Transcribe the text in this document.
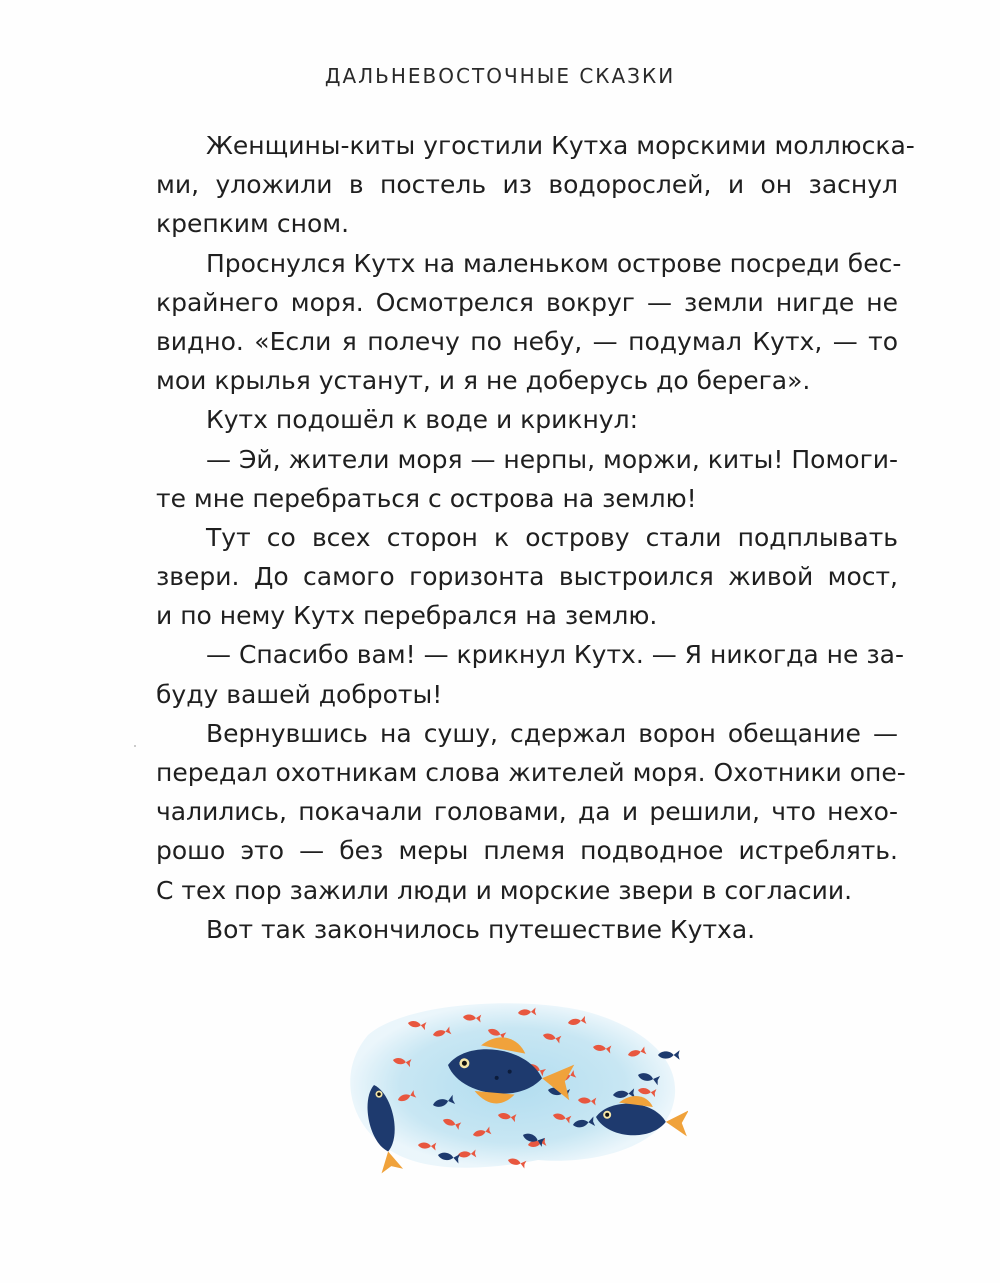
ДАЛЬНЕВОСТОЧНЫЕ СКАЗКИ
Женщины-киты угостили Кутха морскими моллюска-
ми, уложили в постель из водорослей, и он заснул
крепким сном.
Проснулся Кутх на маленьком острове посреди бес-
крайнего моря. Осмотрелся вокруг — земли нигде не
видно. «Если я полечу по небу, — подумал Кутх, — то
мои крылья устанут, и я не доберусь до берега».
Кутх подошёл к воде и крикнул:
— Эй, жители моря — нерпы, моржи, киты! Помоги-
те мне перебраться с острова на землю!
Тут со всех сторон к острову стали подплывать
звери. До самого горизонта выстроился живой мост,
и по нему Кутх перебрался на землю.
— Спасибо вам! — крикнул Кутх. — Я никогда не за-
буду вашей доброты!
Вернувшись на сушу, сдержал ворон обещание —
передал охотникам слова жителей моря. Охотники опе-
чалились, покачали головами, да и решили, что нехо-
рошо это — без меры племя подводное истреблять.
С тех пор зажили люди и морские звери в согласии.
Вот так закончилось путешествие Кутха.
